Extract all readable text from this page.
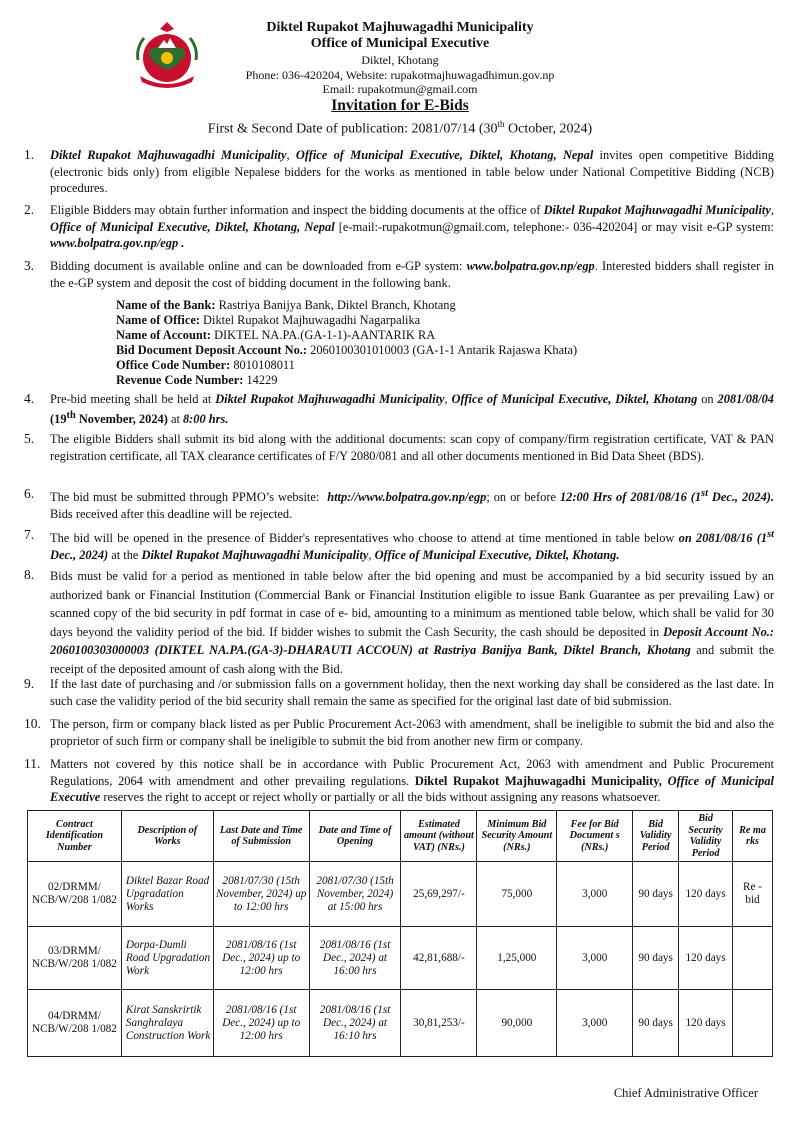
Diktel Rupakot Majhuwagadhi Municipality
Office of Municipal Executive
Diktel, Khotang
Phone: 036-420204, Website: rupakotmajhuwagadhimun.gov.np
Email: rupakotmun@gmail.com
Invitation for E-Bids
First & Second Date of publication: 2081/07/14 (30th October, 2024)
1.	Diktel Rupakot Majhuwagadhi Municipality, Office of Municipal Executive, Diktel, Khotang, Nepal invites open competitive Bidding (electronic bids only) from eligible Nepalese bidders for the works as mentioned in table below under National Competitive Bidding (NCB) procedures.
2.	Eligible Bidders may obtain further information and inspect the bidding documents at the office of Diktel Rupakot Majhuwagadhi Municipality, Office of Municipal Executive, Diktel, Khotang, Nepal [e-mail:-rupakotmun@gmail.com, telephone:- 036-420204] or may visit e-GP system: www.bolpatra.gov.np/egp .
3.	Bidding document is available online and can be downloaded from e-GP system: www.bolpatra.gov.np/egp. Interested bidders shall register in the e-GP system and deposit the cost of bidding document in the following bank.
4.	Pre-bid meeting shall be held at Diktel Rupakot Majhuwagadhi Municipality, Office of Municipal Executive, Diktel, Khotang on 2081/08/04 (19th November, 2024) at 8:00 hrs.
5.	The eligible Bidders shall submit its bid along with the additional documents: scan copy of company/firm registration certificate, VAT & PAN registration certificate, all TAX clearance certificates of F/Y 2080/081 and all other documents mentioned in Bid Data Sheet (BDS).
6.	The bid must be submitted through PPMO’s website:  http://www.bolpatra.gov.np/egp; on or before 12:00 Hrs of 2081/08/16 (1st Dec., 2024). Bids received after this deadline will be rejected.
7.	The bid will be opened in the presence of Bidder's representatives who choose to attend at time mentioned in table below on 2081/08/16 (1st Dec., 2024) at the Diktel Rupakot Majhuwagadhi Municipality, Office of Municipal Executive, Diktel, Khotang.
8.	Bids must be valid for a period as mentioned in table below after the bid opening and must be accompanied by a bid security issued by an authorized bank or Financial Institution (Commercial Bank or Financial Institution eligible to issue Bank Guarantee as per prevailing Law) or scanned copy of the bid security in pdf format in case of e- bid, amounting to a minimum as mentioned table below, which shall be valid for 30 days beyond the validity period of the bid. If bidder wishes to submit the Cash Security, the cash should be deposited in Deposit Account No.: 2060100303000003 (DIKTEL NA.PA.(GA-3)-DHARAUTI ACCOUN) at Rastriya Banijya Bank, Diktel Branch, Khotang and submit the receipt of the deposited amount of cash along with the Bid.
9.	If the last date of purchasing and /or submission falls on a government holiday, then the next working day shall be considered as the last date. In such case the validity period of the bid security shall remain the same as specified for the original last date of bid submission.
10. The person, firm or company black listed as per Public Procurement Act-2063 with amendment, shall be ineligible to submit the bid and also the proprietor of such firm or company shall be ineligible to submit the bid from another new firm or company.
11. Matters not covered by this notice shall be in accordance with Public Procurement Act, 2063 with amendment and Public Procurement Regulations, 2064 with amendment and other prevailing regulations. Diktel Rupakot Majhuwagadhi Municipality, Office of Municipal Executive reserves the right to accept or reject wholly or partially or all the bids without assigning any reasons whatsoever.
Name of the Bank: Rastriya Banijya Bank, Diktel Branch, Khotang
Name of Office: Diktel Rupakot Majhuwagadhi Nagarpalika
Name of Account: DIKTEL NA.PA.(GA-1-1)-AANTARIK RA
Bid Document Deposit Account No.: 2060100301010003 (GA-1-1 Antarik Rajaswa Khata)
Office Code Number: 8010108011
Revenue Code Number: 14229
Contract Identification Number	Description of Works	Last Date and Time of Submission	Date and Time of Opening	Estimated amount (without VAT) (NRs.)	Minimum Bid Security Amount (NRs.)	Fee for Bid Document s (NRs.)	Bid Validity Period	Bid Security Validity Period	Re ma rks
02/DRMM/ NCB/W/208 1/082	Diktel Bazar Road Upgradation Works	2081/07/30 (15th November, 2024) up to 12:00 hrs	2081/07/30 (15th November, 2024) at 15:00 hrs	25,69,297/-	75,000	3,000	90 days	120 days	Re - bid
03/DRMM/ NCB/W/208 1/082	Dorpa-Dumli Road Upgradation Work	2081/08/16 (1st Dec., 2024) up to 12:00 hrs	2081/08/16 (1st Dec., 2024) at 16:00 hrs	42,81,688/-	1,25,000	3,000	90 days	120 days	
04/DRMM/ NCB/W/208 1/082	Kirat Sanskrirtik Sanghralaya Construction Work	2081/08/16 (1st Dec., 2024) up to 12:00 hrs	2081/08/16 (1st Dec., 2024) at 16:10 hrs	30,81,253/-	90,000	3,000	90 days	120 days	
Chief Administrative Officer
